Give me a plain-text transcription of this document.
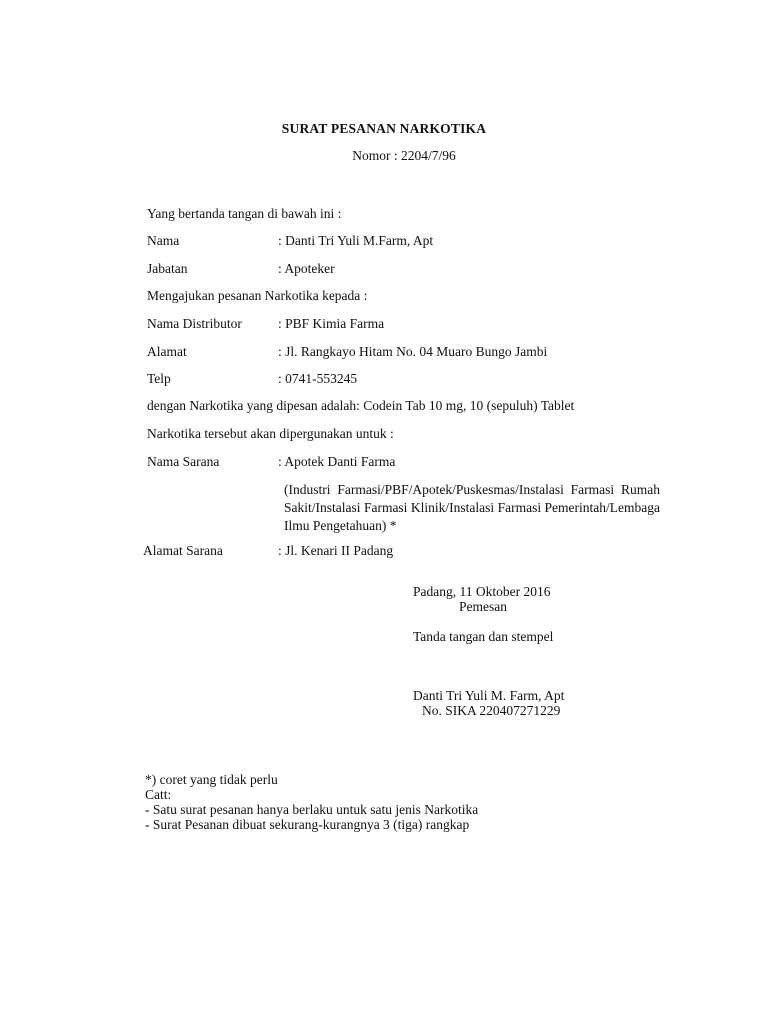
SURAT PESANAN NARKOTIKA
Nomor : 2204/7/96
Yang bertanda tangan di bawah ini :
Nama	: Danti Tri Yuli M.Farm, Apt
Jabatan	: Apoteker
Mengajukan pesanan Narkotika kepada :
Nama Distributor	: PBF Kimia Farma
Alamat	: Jl. Rangkayo Hitam No. 04 Muaro Bungo Jambi
Telp	: 0741-553245
dengan Narkotika yang dipesan adalah: Codein Tab 10 mg, 10 (sepuluh) Tablet
Narkotika tersebut akan dipergunakan untuk :
Nama Sarana	: Apotek Danti Farma
(Industri Farmasi/PBF/Apotek/Puskesmas/Instalasi Farmasi Rumah Sakit/Instalasi Farmasi Klinik/Instalasi Farmasi Pemerintah/Lembaga Ilmu Pengetahuan) *
Alamat Sarana	: Jl. Kenari II Padang
Padang, 11 Oktober 2016
Pemesan
Tanda tangan dan stempel
Danti Tri Yuli M. Farm, Apt
No. SIKA 220407271229
*) coret yang tidak perlu
Catt:
- Satu surat pesanan hanya berlaku untuk satu jenis Narkotika
- Surat Pesanan dibuat sekurang-kurangnya 3 (tiga) rangkap
